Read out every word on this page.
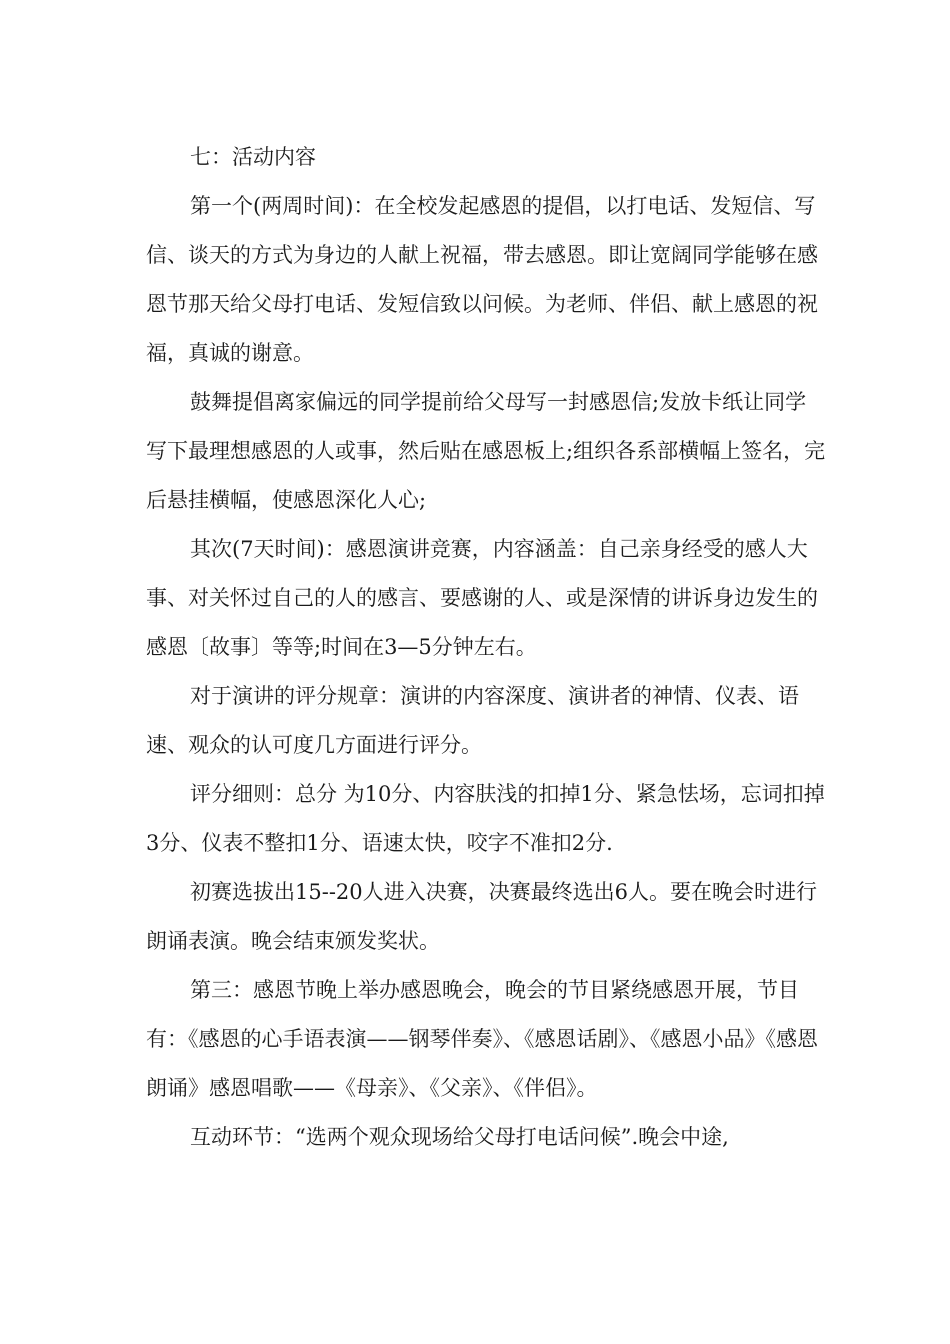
七：活动内容

第一个(两周时间)：在全校发起感恩的提倡，以打电话、发短信、写信、谈天的方式为身边的人献上祝福，带去感恩。即让宽阔同学能够在感恩节那天给父母打电话、发短信致以问候。为老师、伴侣、献上感恩的祝福，真诚的谢意。

鼓舞提倡离家偏远的同学提前给父母写一封感恩信;发放卡纸让同学写下最理想感恩的人或事，然后贴在感恩板上;组织各系部横幅上签名，完后悬挂横幅，使感恩深化人心;

其次(7天时间)：感恩演讲竞赛，内容涵盖：自己亲身经受的感人大事、对关怀过自己的人的感言、要感谢的人、或是深情的讲诉身边发生的感恩〔故事〕等等;时间在3—5分钟左右。

对于演讲的评分规章：演讲的内容深度、演讲者的神情、仪表、语速、观众的认可度几方面进行评分。

评分细则：总分 为10分、内容肤浅的扣掉1分、紧急怯场，忘词扣掉3分、仪表不整扣1分、语速太快，咬字不准扣2分.

初赛选拔出15--20人进入决赛，决赛最终选出6人。要在晚会时进行朗诵表演。晚会结束颁发奖状。

第三：感恩节晚上举办感恩晚会，晚会的节目紧绕感恩开展，节目有：《感恩的心手语表演——钢琴伴奏》、《感恩话剧》、《感恩小品》《感恩朗诵》感恩唱歌——《母亲》、《父亲》、《伴侣》。

互动环节：“选两个观众现场给父母打电话问候”.晚会中途,
